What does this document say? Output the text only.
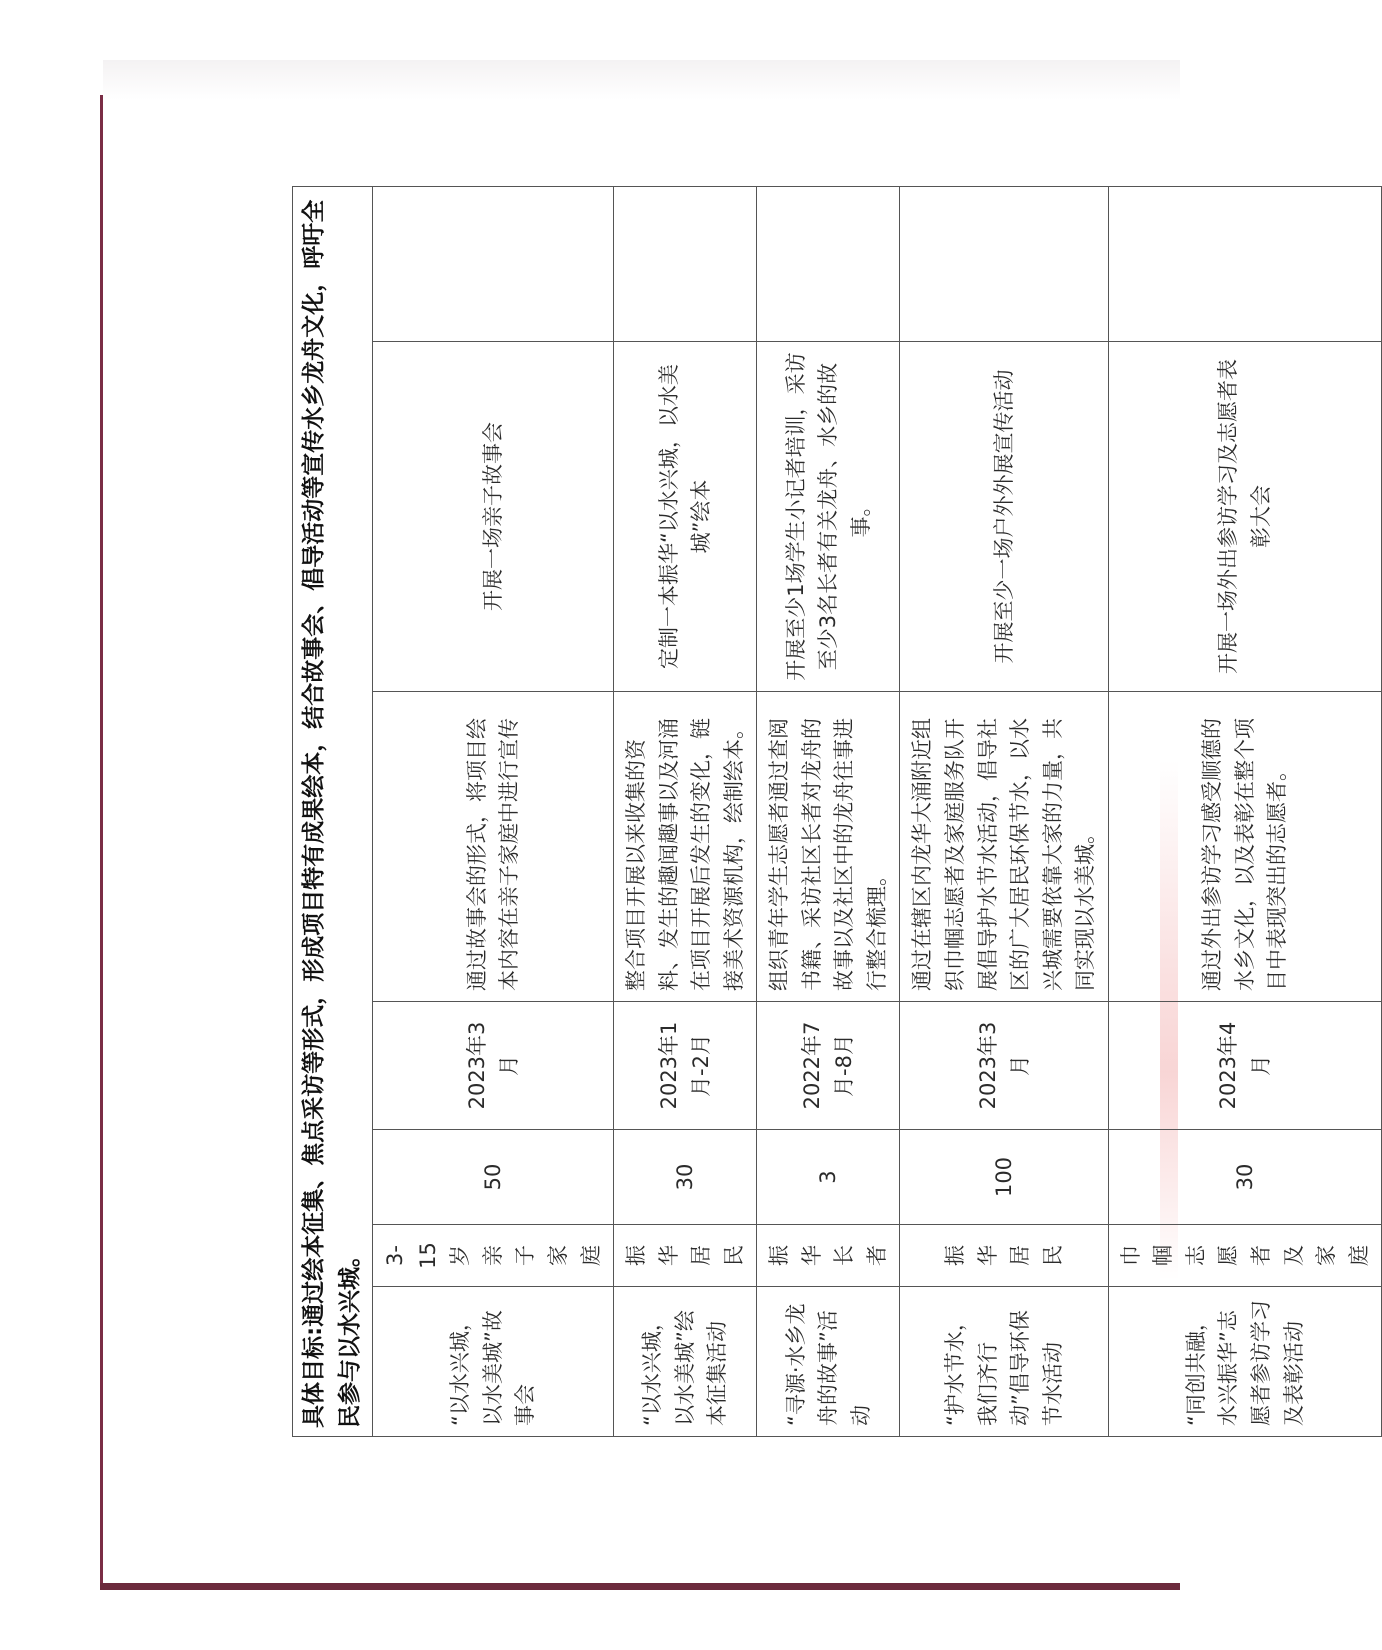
具体目标:通过绘本征集、焦点采访等形式，形成项目特有成果绘本，结合故事会、倡导活动等宣传水乡龙舟文化，呼吁全民参与以水兴城。						
“以水兴城，以水美城”故事会	3-15岁亲子家庭	50	2023年3月	通过故事会的形式，将项目绘本内容在亲子家庭中进行宣传	开展一场亲子故事会	
“以水兴城，以水美城”绘本征集活动	振华居民	30	2023年1月-2月	整合项目开展以来收集的资料、发生的趣闻趣事以及河涌在项目开展后发生的变化，链接美术资源机构，绘制绘本。	定制一本振华“以水兴城，以水美城”绘本	
“寻源·水乡龙舟的故事”活动	振华长者	3	2022年7月-8月	组织青年学生志愿者通过查阅书籍、采访社区长者对龙舟的故事以及社区中的龙舟往事进行整合梳理。	开展至少1场学生小记者培训，采访至少3名长者有关龙舟、水乡的故事。	
“护水节水，我们齐行动”倡导环保节水活动	振华居民	100	2023年3月	通过在辖区内龙华大涌附近组织巾帼志愿者及家庭服务队开展倡导护水节水活动，倡导社区的广大居民环保节水，以水兴城需要依靠大家的力量，共同实现以水美城。	开展至少一场户外外展宣传活动	
“同创共融，水兴振华”志愿者参访学习及表彰活动	巾帼志愿者及家庭	30	2023年4月	通过外出参访学习感受顺德的水乡文化，以及表彰在整个项目中表现突出的志愿者。	开展一场外出参访学习及志愿者表彰大会	
